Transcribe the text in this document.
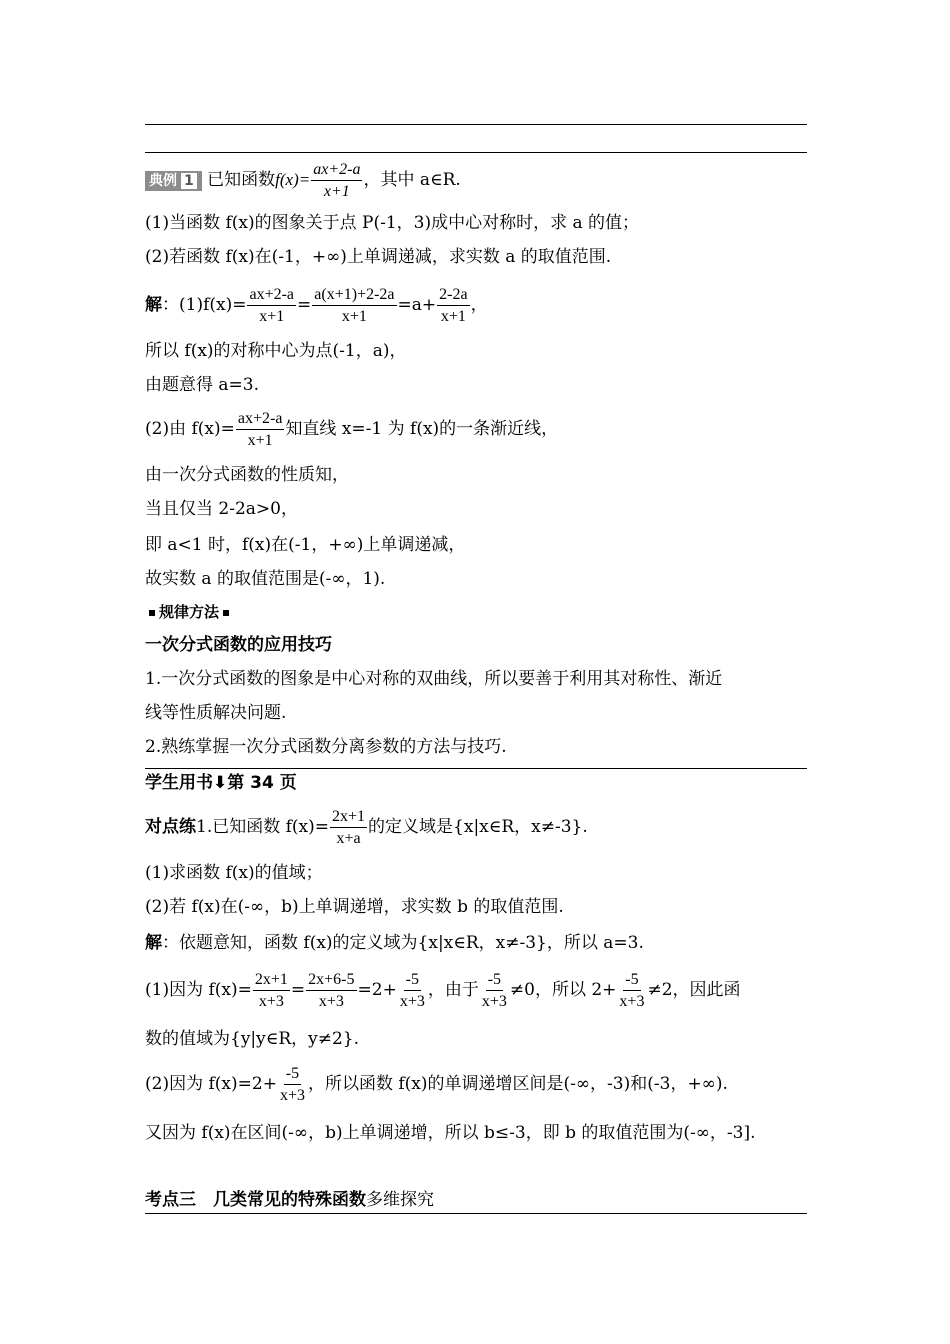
典例 1 已知函数$f(x)= \frac{ax+2-a}{x+1}$ ，其中 a∈R.
(1)当函数 f(x)的图象关于点 P(-1，3)成中心对称时，求 a 的值；
(2)若函数 f(x)在(-1，+∞)上单调递减，求实数 a 的取值范围.
解：$(1)f(x)= \frac{ax+2-a}{x+1} = \frac{a(x+1)+2-2a}{x+1} =a+ \frac{2-2a}{x+1}$ ，
所以 f(x)的对称中心为点(-1，a)，
由题意得 a=3.
(2)由 $f(x)= \frac{ax+2-a}{x+1}$ 知直线 x=-1 为 f(x)的一条渐近线，
由一次分式函数的性质知，
当且仅当 2-2a>0，
即 a<1 时，f(x)在(-1，+∞)上单调递减，
故实数 a 的取值范围是(-∞，1).
规律方法
一次分式函数的应用技巧
1.一次分式函数的图象是中心对称的双曲线，所以要善于利用其对称性、渐近
线等性质解决问题.
2.熟练掌握一次分式函数分离参数的方法与技巧.
学生用书⬇第 34 页
对点练1.已知函数 $f(x)= \frac{2x+1}{x+a}$ 的定义域是{x|x∈R，x≠-3}.
(1)求函数 f(x)的值域；
(2)若 f(x)在(-∞，b)上单调递增，求实数 b 的取值范围.
解：依题意知，函数 f(x)的定义域为{x|x∈R，x≠-3}，所以 a=3.
(1)因为 $f(x)= \frac{2x+1}{x+3} = \frac{2x+6-5}{x+3} =2+ \frac{-5}{x+3}$ ，由于 $\frac{-5}{x+3} \ne 0$，所以 $2+ \frac{-5}{x+3} \ne 2$，因此函
数的值域为{y|y∈R，y≠2}.
(2)因为 $f(x)=2+ \frac{-5}{x+3}$ ，所以函数 f(x)的单调递增区间是(-∞，-3)和(-3，+∞).
又因为 f(x)在区间(-∞，b)上单调递增，所以 b≤-3，即 b 的取值范围为(-∞，-3].
考点三　几类常见的特殊函数多维探究
